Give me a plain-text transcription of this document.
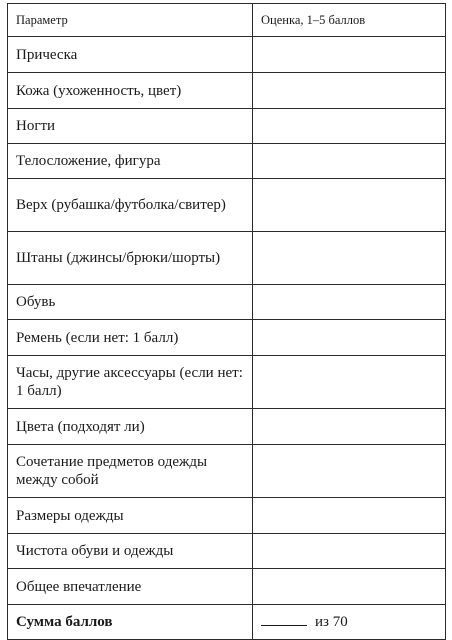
Параметр	Оценка, 1–5 баллов
Прическа	
Кожа (ухоженность, цвет)	
Ногти	
Телосложение, фигура	
Верх (рубашка/футболка/свитер)	
Штаны (джинсы/брюки/шорты)	
Обувь	
Ремень (если нет: 1 балл)	
Часы, другие аксессуары (если нет: 1 балл)	
Цвета (подходят ли)	
Сочетание предметов одежды между собой	
Размеры одежды	
Чистота обуви и одежды	
Общее впечатление	
Сумма баллов	из 70
